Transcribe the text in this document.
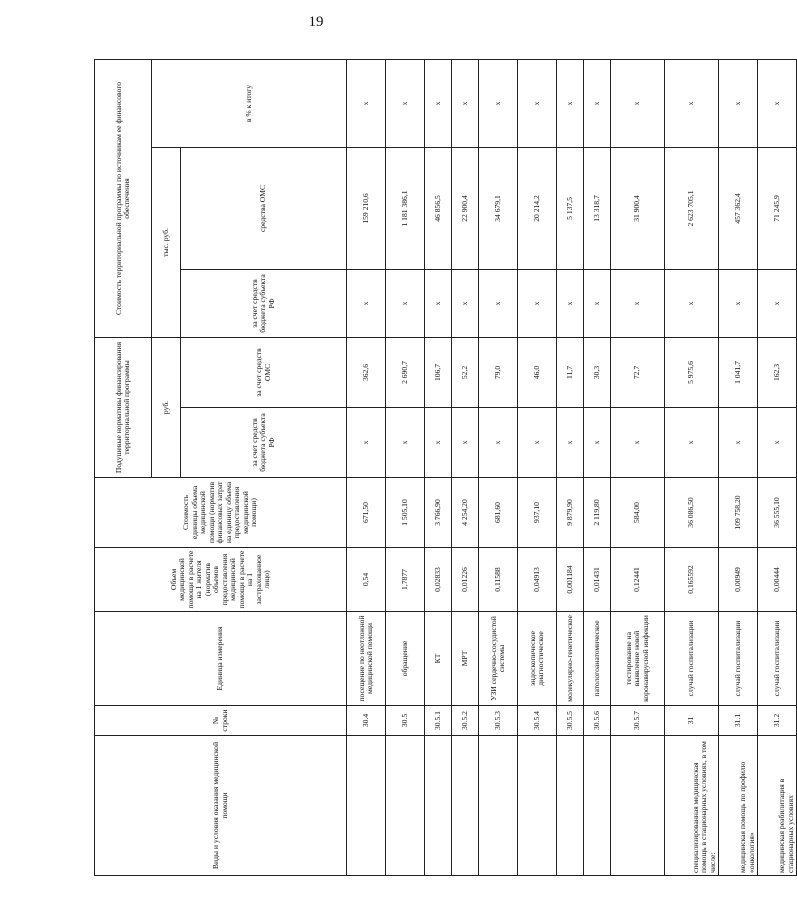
19
Виды и условия оказания медицинской помощи	№ строки	Единица измерения	Объем медицинской помощи в расчете на 1 жителя (норматив объемов предоставления медицинской помощи в расчете на 1 застрахованное лицо)	Стоимость единицы объема медицинской помощи (норматив финансовых затрат на единицу объема предоставления медицинской помощи)	Подушевые нормативы финансирования территориальной программы		Стоимость территориальной программы по источникам ее финансового обеспечения		
					руб.		тыс. руб.		в % к итогу
					за счет средств бюджета субъекта РФ	за счет средств ОМС	за счет средств бюджета субъекта РФ	средства ОМС	
	30.4	посещение по неотложной медицинской помощи	0,54	671,50	х	362,6	х	159 210,6	х
	30.5	обращение	1,7877	1 505,10	х	2 690,7	х	1 181 386,1	х
	30.5.1	КТ	0,02833	3 766,90	х	106,7	х	46 856,5	х
	30.5.2	МРТ	0,01226	4 254,20	х	52,2	х	22 900,4	х
	30.5.3	УЗИ сердечно-сосудистой системы	0,11588	681,60	х	79,0	х	34 679,1	х
	30.5.4	эндоскопическое диагностическое	0,04913	937,10	х	46,0	х	20 214,2	х
	30.5.5	молекулярно-генетическое	0,001184	9 879,90	х	11,7	х	5 137,5	х
	30.5.6	патологоанатомическое	0,01431	2 119,80	х	30,3	х	13 318,7	х
	30.5.7	тестирование на выявление новой коронавирусной инфекции	0,12441	584,00	х	72,7	х	31 900,4	х
специализированная медицинская помощь в стационарных условиях, в том числе:	31	случай госпитализации	0,165592	36 086,50	х	5 975,6	х	2 623 705,1	х
медицинская помощь по профилю «онкология»	31.1	случай госпитализации	0,00949	109 758,20	х	1 041,7	х	457 362,4	х
медицинская реабилитация в стационарных условиях	31.2	случай госпитализации	0,00444	36 555,10	х	162,3	х	71 245,9	х
